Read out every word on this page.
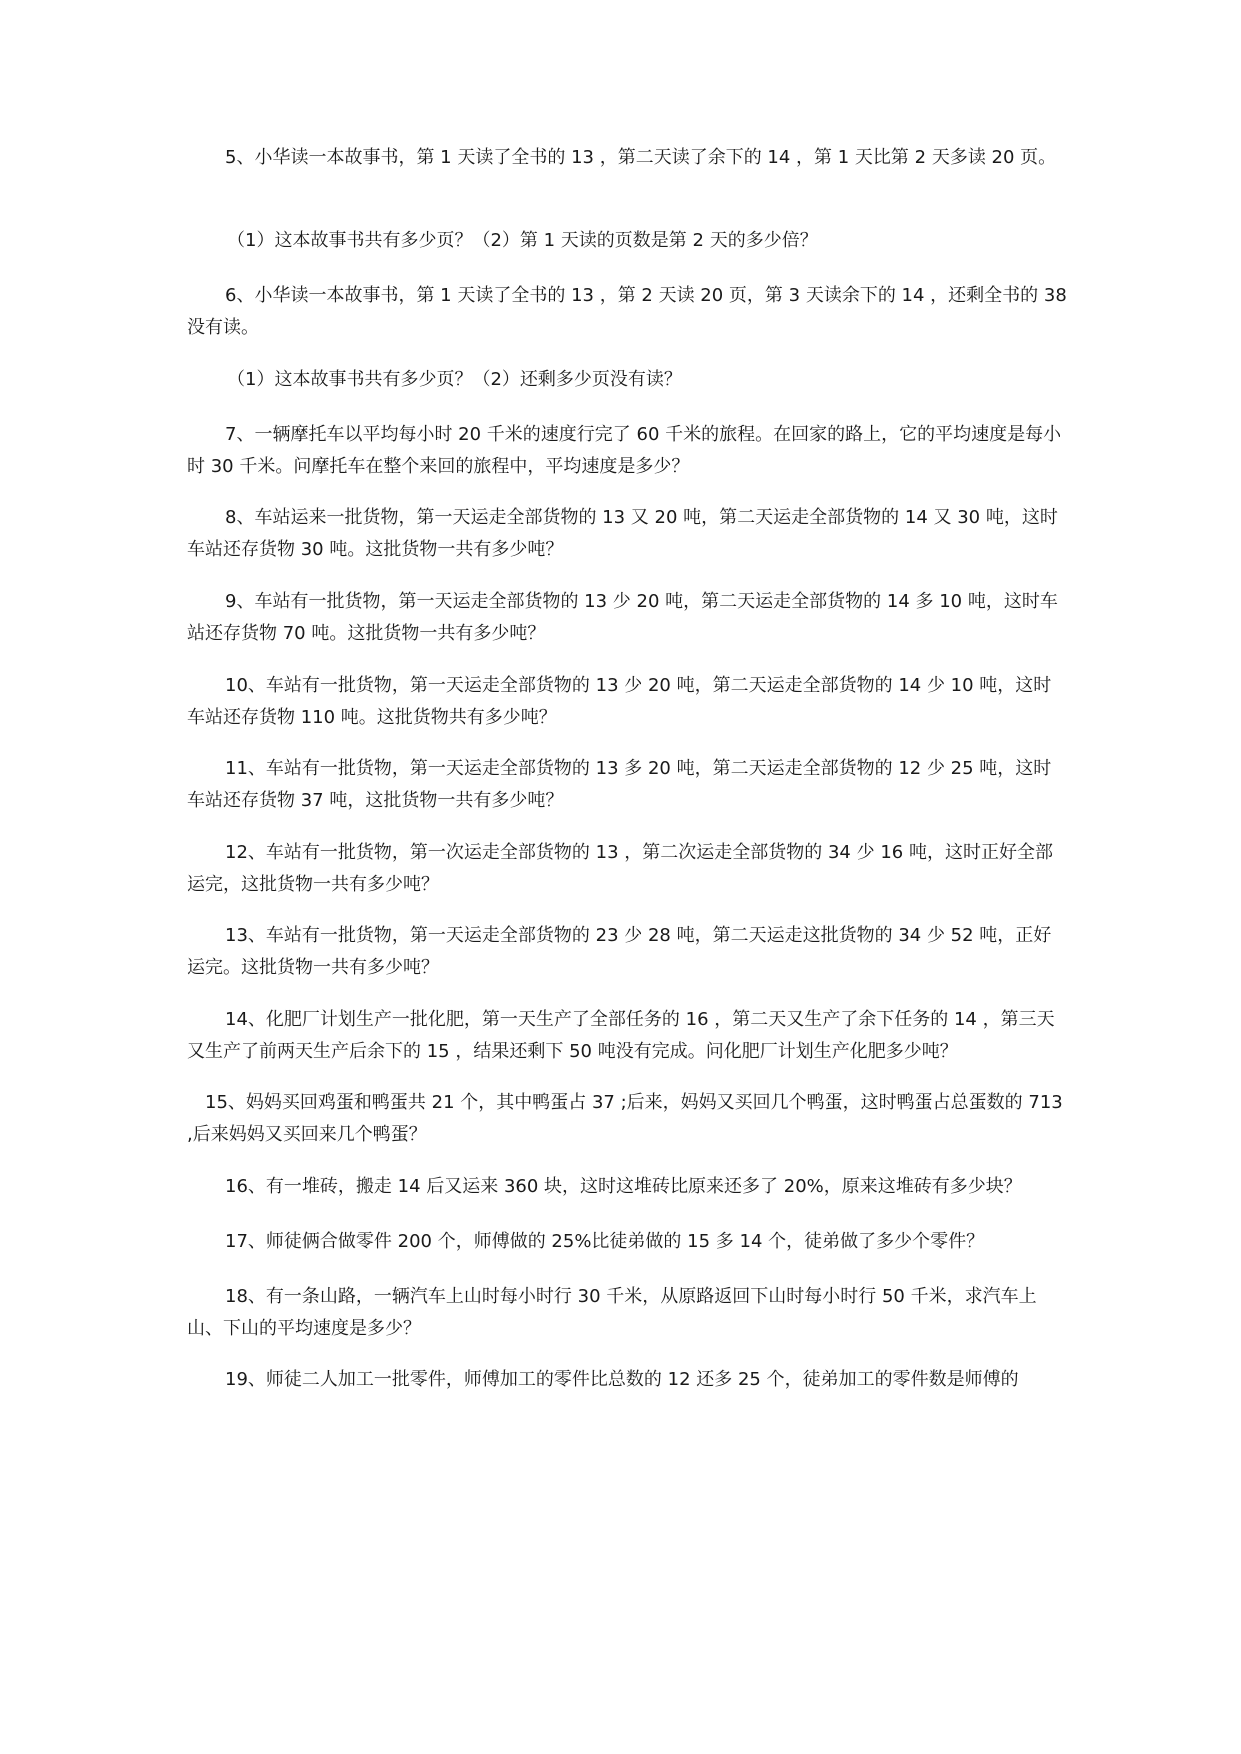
5、小华读一本故事书，第 1 天读了全书的 13 ，第二天读了余下的 14 ，第 1 天比第 2 天多读 20 页。

（1）这本故事书共有多少页？（2）第 1 天读的页数是第 2 天的多少倍？

6、小华读一本故事书，第 1 天读了全书的 13 ，第 2 天读 20 页，第 3 天读余下的 14 ，还剩全书的 38 没有读。

（1）这本故事书共有多少页？（2）还剩多少页没有读？

7、一辆摩托车以平均每小时 20 千米的速度行完了 60 千米的旅程。在回家的路上，它的平均速度是每小时 30 千米。问摩托车在整个来回的旅程中，平均速度是多少？

8、车站运来一批货物，第一天运走全部货物的 13 又 20 吨，第二天运走全部货物的 14 又 30 吨，这时车站还存货物 30 吨。这批货物一共有多少吨？

9、车站有一批货物，第一天运走全部货物的 13 少 20 吨，第二天运走全部货物的 14 多 10 吨，这时车站还存货物 70 吨。这批货物一共有多少吨？

10、车站有一批货物，第一天运走全部货物的 13 少 20 吨，第二天运走全部货物的 14 少 10 吨，这时车站还存货物 110 吨。这批货物共有多少吨？

11、车站有一批货物，第一天运走全部货物的 13 多 20 吨，第二天运走全部货物的 12 少 25 吨，这时车站还存货物 37 吨，这批货物一共有多少吨？

12、车站有一批货物，第一次运走全部货物的 13 ，第二次运走全部货物的 34 少 16 吨，这时正好全部运完，这批货物一共有多少吨？

13、车站有一批货物，第一天运走全部货物的 23 少 28 吨，第二天运走这批货物的 34 少 52 吨，正好运完。这批货物一共有多少吨？

14、化肥厂计划生产一批化肥，第一天生产了全部任务的 16 ，第二天又生产了余下任务的 14 ，第三天又生产了前两天生产后余下的 15 ，结果还剩下 50 吨没有完成。问化肥厂计划生产化肥多少吨？

15、妈妈买回鸡蛋和鸭蛋共 21 个，其中鸭蛋占 37 ;后来，妈妈又买回几个鸭蛋，这时鸭蛋占总蛋数的 713 ,后来妈妈又买回来几个鸭蛋？

16、有一堆砖，搬走 14 后又运来 360 块，这时这堆砖比原来还多了 20%，原来这堆砖有多少块？

17、师徒俩合做零件 200 个，师傅做的 25%比徒弟做的 15 多 14 个，徒弟做了多少个零件？

18、有一条山路，一辆汽车上山时每小时行 30 千米，从原路返回下山时每小时行 50 千米，求汽车上山、下山的平均速度是多少？

19、师徒二人加工一批零件，师傅加工的零件比总数的 12 还多 25 个，徒弟加工的零件数是师傅的
